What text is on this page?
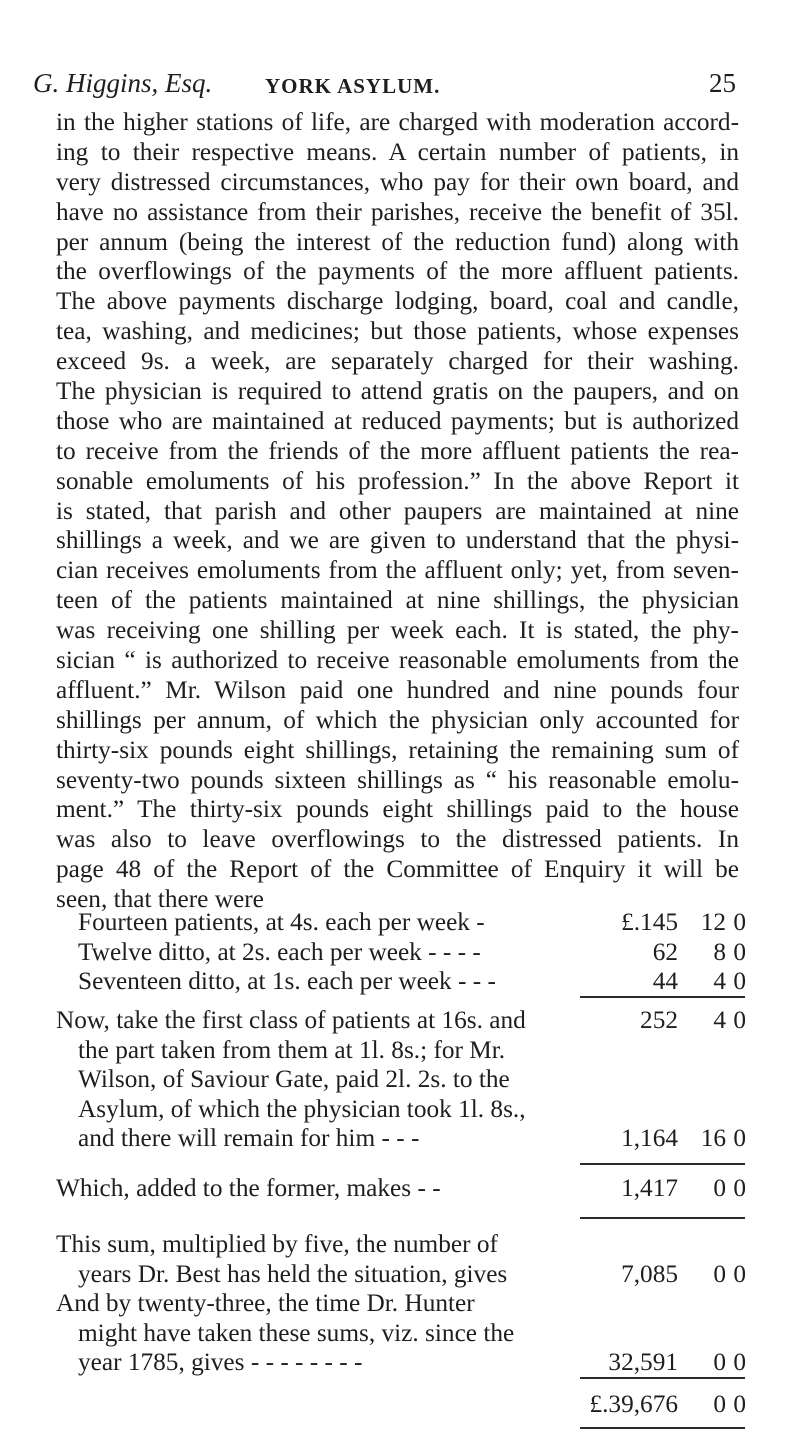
G. Higgins, Esq.	YORK ASYLUM.	25
in the higher stations of life, are charged with moderation accord-
ing to their respective means. A certain number of patients, in
very distressed circumstances, who pay for their own board, and
have no assistance from their parishes, receive the benefit of 35l.
per annum (being the interest of the reduction fund) along with
the overflowings of the payments of the more affluent patients.
The above payments discharge lodging, board, coal and candle,
tea, washing, and medicines; but those patients, whose expenses
exceed 9s. a week, are separately charged for their washing.
The physician is required to attend gratis on the paupers, and on
those who are maintained at reduced payments; but is authorized
to receive from the friends of the more affluent patients the rea-
sonable emoluments of his profession.” In the above Report it
is stated, that parish and other paupers are maintained at nine
shillings a week, and we are given to understand that the physi-
cian receives emoluments from the affluent only; yet, from seven-
teen of the patients maintained at nine shillings, the physician
was receiving one shilling per week each. It is stated, the phy-
sician “ is authorized to receive reasonable emoluments from the
affluent.” Mr. Wilson paid one hundred and nine pounds four
shillings per annum, of which the physician only accounted for
thirty-six pounds eight shillings, retaining the remaining sum of
seventy-two pounds sixteen shillings as “ his reasonable emolu-
ment.” The thirty-six pounds eight shillings paid to the house
was also to leave overflowings to the distressed patients. In
page 48 of the Report of the Committee of Enquiry it will be
seen, that there were
Fourteen patients, at 4s. each per week -	£.145 12 0
Twelve ditto, at 2s. each per week - - - -	62	8 0
Seventeen ditto, at 1s. each per week - - -	44	4 0
Now, take the first class of patients at 16s. and	252	4 0
the part taken from them at 1l. 8s.; for Mr.
Wilson, of Saviour Gate, paid 2l. 2s. to the
Asylum, of which the physician took 1l. 8s.,
and there will remain for him - - -	1,164 16 0
Which, added to the former, makes - -	1,417	0 0
This sum, multiplied by five, the number of
years Dr. Best has held the situation, gives	7,085	0 0
And by twenty-three, the time Dr. Hunter
might have taken these sums, viz. since the
year 1785, gives - - - - - - - -	32,591	0 0
£.39,676	0 0
